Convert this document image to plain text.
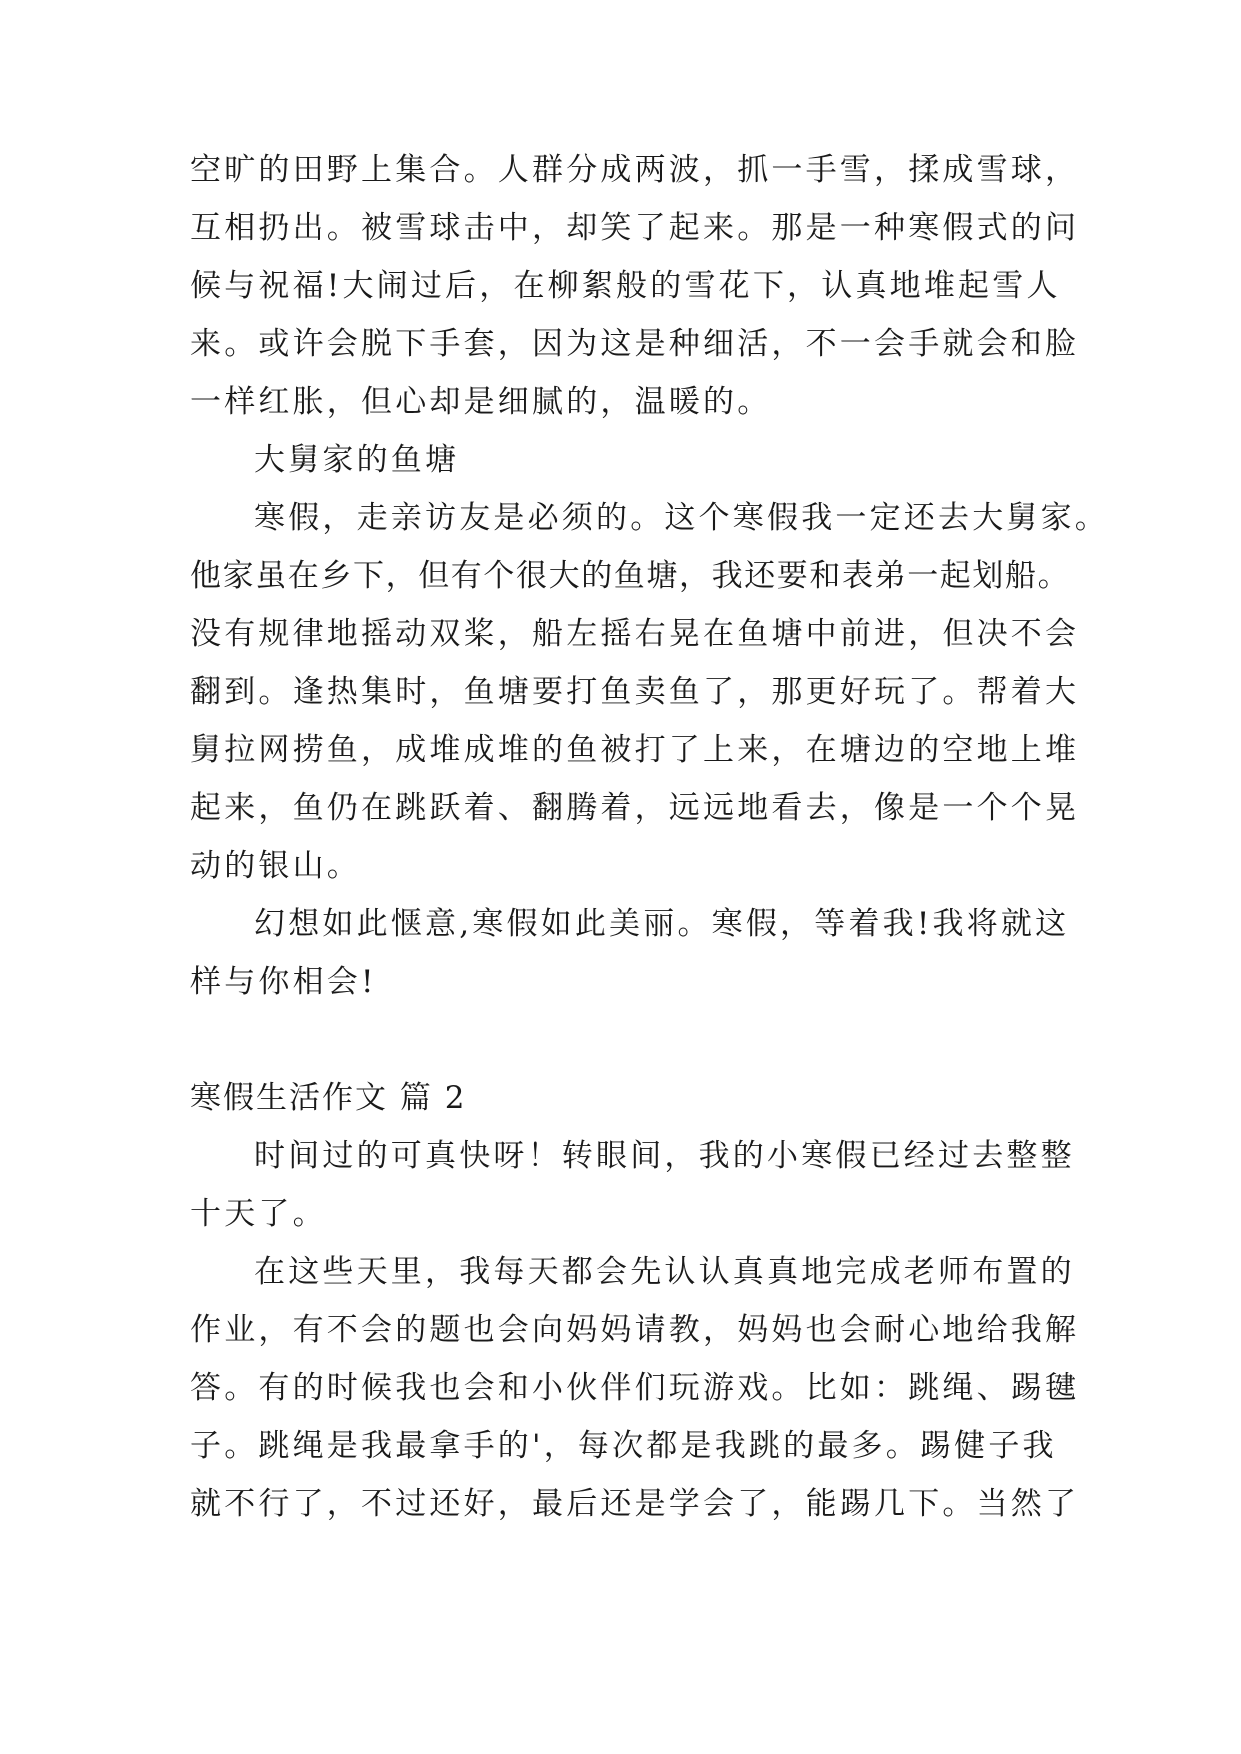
空旷的田野上集合。人群分成两波，抓一手雪，揉成雪球，
互相扔出。被雪球击中，却笑了起来。那是一种寒假式的问
候与祝福!大闹过后，在柳絮般的雪花下，认真地堆起雪人
来。或许会脱下手套，因为这是种细活，不一会手就会和脸
一样红胀，但心却是细腻的，温暖的。
大舅家的鱼塘
寒假，走亲访友是必须的。这个寒假我一定还去大舅家。
他家虽在乡下，但有个很大的鱼塘，我还要和表弟一起划船。
没有规律地摇动双桨，船左摇右晃在鱼塘中前进，但决不会
翻到。逢热集时，鱼塘要打鱼卖鱼了，那更好玩了。帮着大
舅拉网捞鱼，成堆成堆的鱼被打了上来，在塘边的空地上堆
起来，鱼仍在跳跃着、翻腾着，远远地看去，像是一个个晃
动的银山。
幻想如此惬意,寒假如此美丽。寒假，等着我!我将就这
样与你相会!
寒假生活作文 篇 2
时间过的可真快呀！转眼间，我的小寒假已经过去整整
十天了。
在这些天里，我每天都会先认认真真地完成老师布置的
作业，有不会的题也会向妈妈请教，妈妈也会耐心地给我解
答。有的时候我也会和小伙伴们玩游戏。比如：跳绳、踢毽
子。跳绳是我最拿手的'，每次都是我跳的最多。踢健子我
就不行了，不过还好，最后还是学会了，能踢几下。当然了
